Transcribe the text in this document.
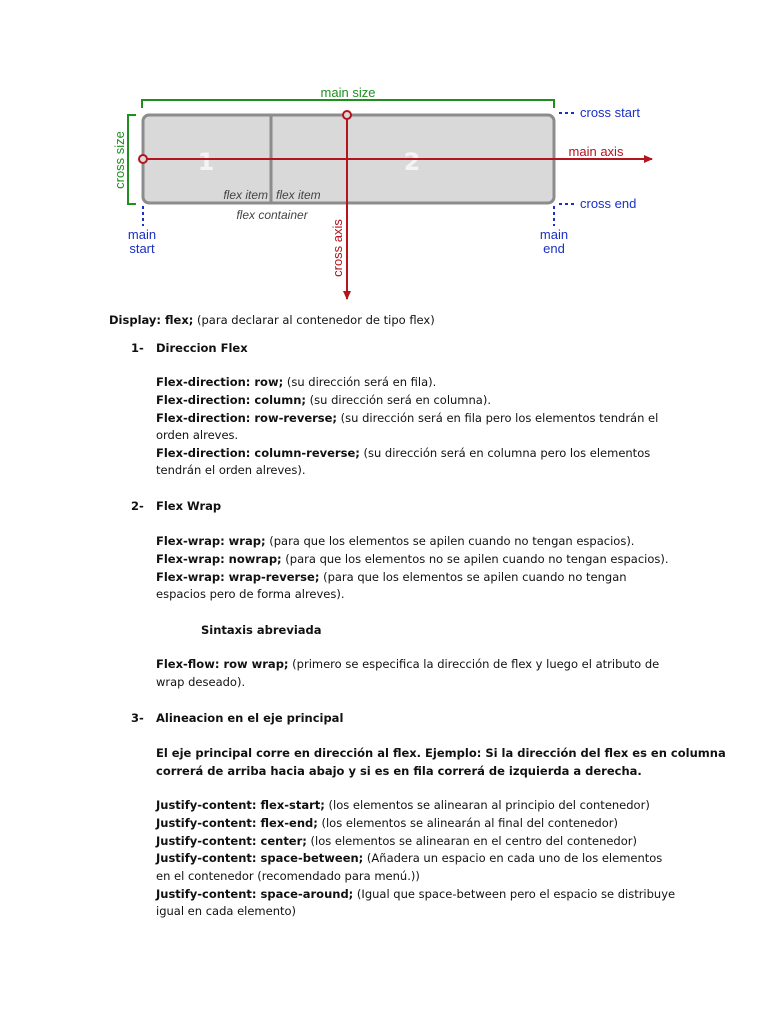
main size
cross size	1	2
flex item flex item
flex container
main axis
cross axis
cross start
cross end
main
start
main
end
Display: flex; (para declarar al contenedor de tipo flex)
1- Direccion Flex
Flex-direction: row; (su dirección será en fila).
Flex-direction: column; (su dirección será en columna).
Flex-direction: row-reverse; (su dirección será en fila pero los elementos tendrán el
orden alreves.
Flex-direction: column-reverse; (su dirección será en columna pero los elementos
tendrán el orden alreves).
2- Flex Wrap
Flex-wrap: wrap; (para que los elementos se apilen cuando no tengan espacios).
Flex-wrap: nowrap; (para que los elementos no se apilen cuando no tengan espacios).
Flex-wrap: wrap-reverse; (para que los elementos se apilen cuando no tengan
espacios pero de forma alreves).
Sintaxis abreviada
Flex-flow: row wrap; (primero se especifica la dirección de flex y luego el atributo de
wrap deseado).
3- Alineacion en el eje principal
El eje principal corre en dirección al flex. Ejemplo: Si la dirección del flex es en columna
correrá de arriba hacia abajo y si es en fila correrá de izquierda a derecha.
Justify-content: flex-start; (los elementos se alinearan al principio del contenedor)
Justify-content: flex-end; (los elementos se alinearán al final del contenedor)
Justify-content: center; (los elementos se alinearan en el centro del contenedor)
Justify-content: space-between; (Añadera un espacio en cada uno de los elementos
en el contenedor (recomendado para menú.))
Justify-content: space-around; (Igual que space-between pero el espacio se distribuye
igual en cada elemento)
